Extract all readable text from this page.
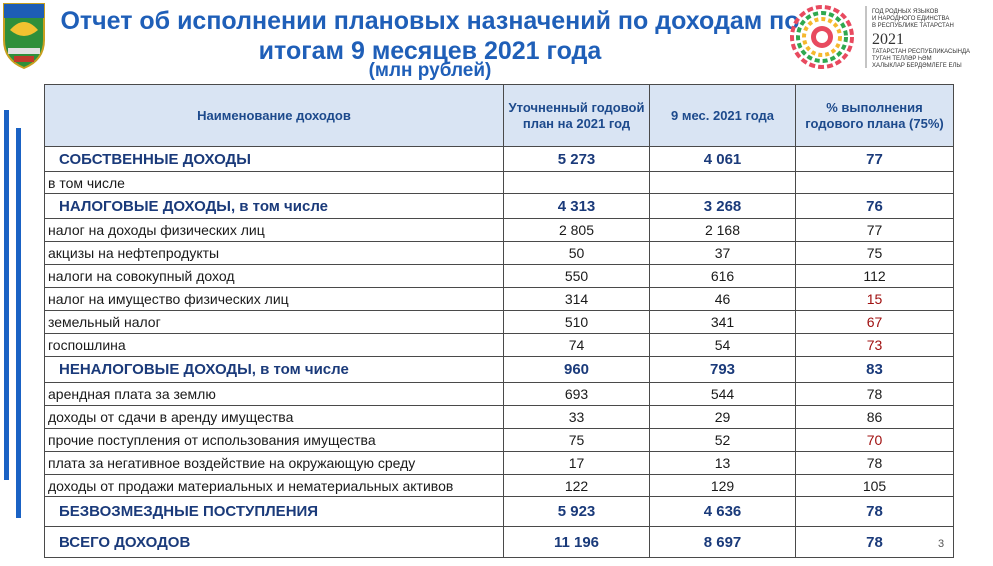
Отчет об исполнении плановых назначений по доходам по итогам 9 месяцев 2021 года
(млн рублей)
ГОД РОДНЫХ ЯЗЫКОВ
И НАРОДНОГО ЕДИНСТВА
В РЕСПУБЛИКЕ ТАТАРСТАН
2021
ТАТАРСТАН РЕСПУБЛИКАСЫНДА
ТУГАН ТЕЛЛӘР ҺӘМ
ХАЛЫКЛАР БЕРДӘМЛЕГЕ ЕЛЫ
Наименование доходов	Уточненный годовой план на 2021 год	9 мес. 2021 года	% выполнения годового плана (75%)
СОБСТВЕННЫЕ ДОХОДЫ	5 273	4 061	77
в том числе			
НАЛОГОВЫЕ ДОХОДЫ, в том числе	4 313	3 268	76
налог на доходы физических лиц	2 805	2 168	77
акцизы на нефтепродукты	50	37	75
налоги на совокупный доход	550	616	112
налог на имущество физических лиц	314	46	15
земельный налог	510	341	67
госпошлина	74	54	73
НЕНАЛОГОВЫЕ ДОХОДЫ, в том числе	960	793	83
арендная плата за землю	693	544	78
доходы от сдачи в аренду имущества	33	29	86
прочие поступления от использования имущества	75	52	70
плата за негативное воздействие на окружающую среду	17	13	78
доходы от продажи материальных и нематериальных активов	122	129	105
БЕЗВОЗМЕЗДНЫЕ ПОСТУПЛЕНИЯ	5 923	4 636	78
ВСЕГО ДОХОДОВ	11 196	8 697	78	3
